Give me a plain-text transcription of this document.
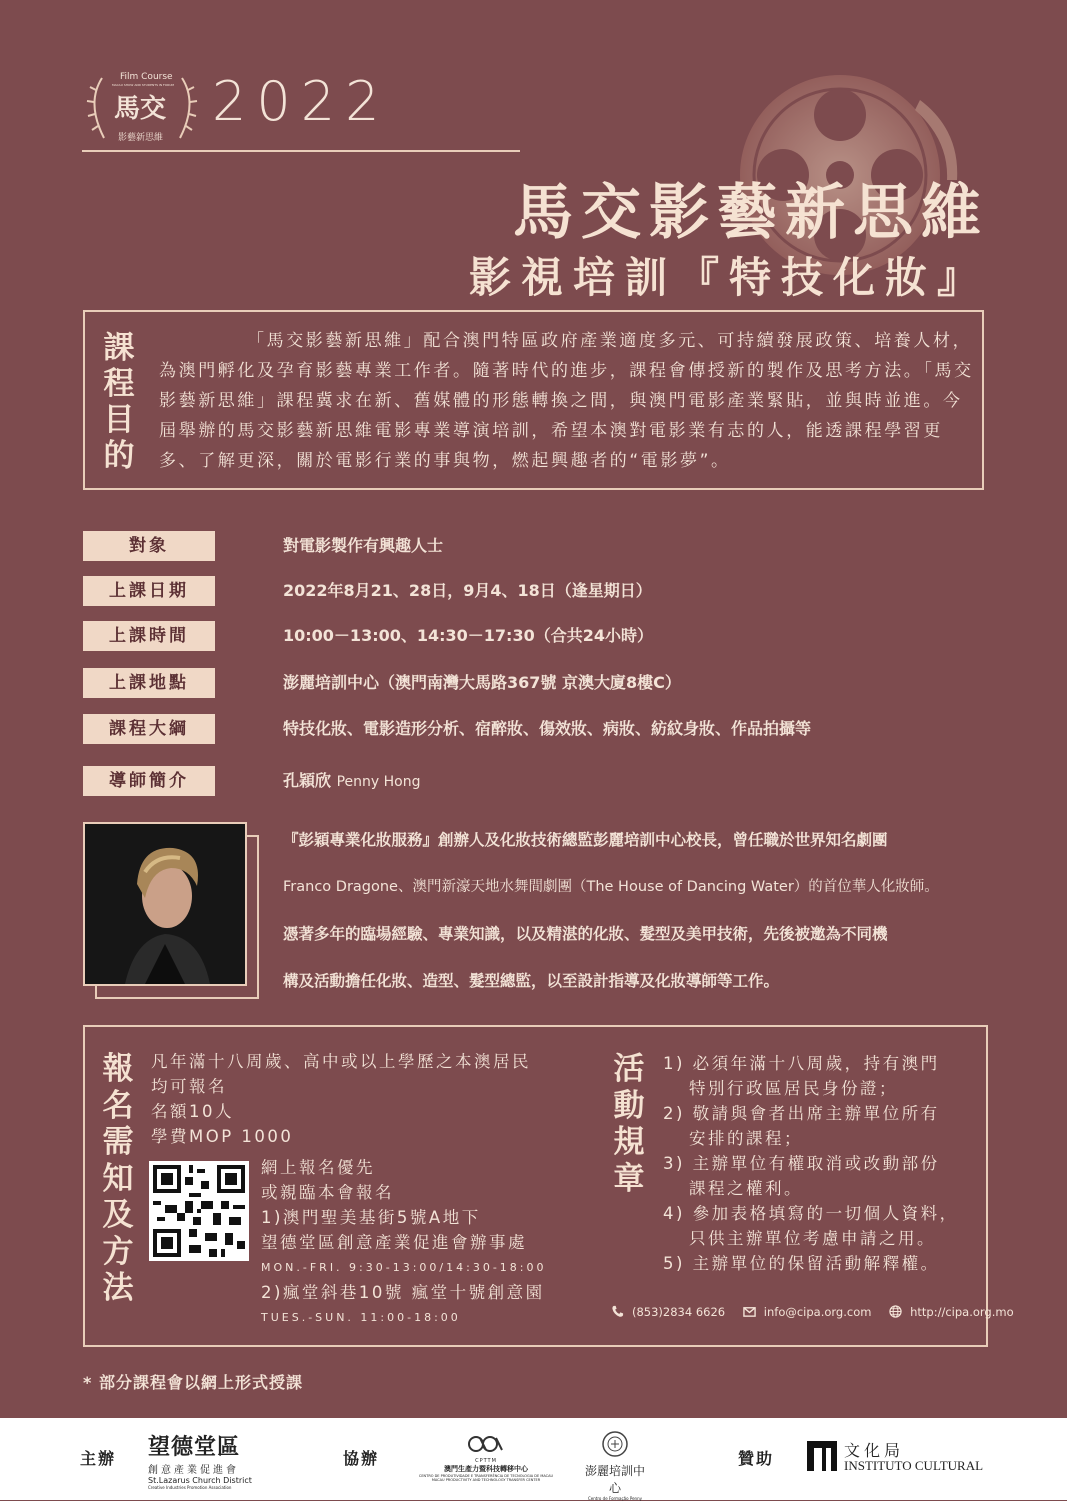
Film Course
MACAU SHOW AND STUDENTS IN FORUM
馬交
影藝新思維
2022
馬交影藝新思維
影視培訓『特技化妝』
課程目的
「馬交影藝新思維」配合澳門特區政府產業適度多元、可持續發展政策、培養人材，為澳門孵化及孕育影藝專業工作者。隨著時代的進步，課程會傳授新的製作及思考方法。「馬交影藝新思維」課程冀求在新、舊媒體的形態轉換之間，與澳門電影產業緊貼，並與時並進。今屆舉辦的馬交影藝新思維電影專業導演培訓，希望本澳對電影業有志的人，能透課程學習更多、了解更深，關於電影行業的事與物，燃起興趣者的“電影夢”。
對象	對電影製作有興趣人士
上課日期	2022年8月21、28日，9月4、18日（逢星期日）
上課時間	10:00－13:00、14:30－17:30（合共24小時）
上課地點	澎麗培訓中心（澳門南灣大馬路367號 京澳大廈8樓C）
課程大綱	特技化妝、電影造形分析、宿醉妝、傷效妝、病妝、紡紋身妝、作品拍攝等
導師簡介	孔穎欣 Penny Hong
『彭穎專業化妝服務』創辦人及化妝技術總監彭麗培訓中心校長，曾任職於世界知名劇團
Franco Dragone、澳門新濠天地水舞間劇團（The House of Dancing Water）的首位華人化妝師。
憑著多年的臨場經驗、專業知識，以及精湛的化妝、髮型及美甲技術，先後被邀為不同機
構及活動擔任化妝、造型、髮型總監，以至設計指導及化妝導師等工作。
報名需知及方法
凡年滿十八周歲、高中或以上學歷之本澳居民
均可報名
名額10人
學費MOP 1000
網上報名優先
或親臨本會報名
1)澳門聖美基街5號A地下
望德堂區創意產業促進會辦事處
MON.-FRI. 9:30-13:00/14:30-18:00
2)瘋堂斜巷10號 瘋堂十號創意園
TUES.-SUN. 11:00-18:00
活動規章
1) 必須年滿十八周歲，持有澳門
特別行政區居民身份證；
2) 敬請與會者出席主辦單位所有
安排的課程；
3) 主辦單位有權取消或改動部份
課程之權利。
4) 參加表格填寫的一切個人資料，
只供主辦單位考慮申請之用。
5) 主辦單位的保留活動解釋權。
(853)2834 6626	info@cipa.org.com	http://cipa.org.mo
* 部分課程會以網上形式授課
主辦 望德堂區
創意產業促進會
St.Lazarus Church District
Creative Industries Promotion Association
協辦	CPTTM
澳門生產力暨科技轉移中心
CENTRO DE PRODUTIVIDADE E TRANSFERÊNCIA DE TECNOLOGIA DE MACAU
MACAU PRODUCTIVITY AND TECHNOLOGY TRANSFER CENTER
澎麗培訓中心
Centro de Formação Penny
贊助	文化局
INSTITUTO CULTURAL
